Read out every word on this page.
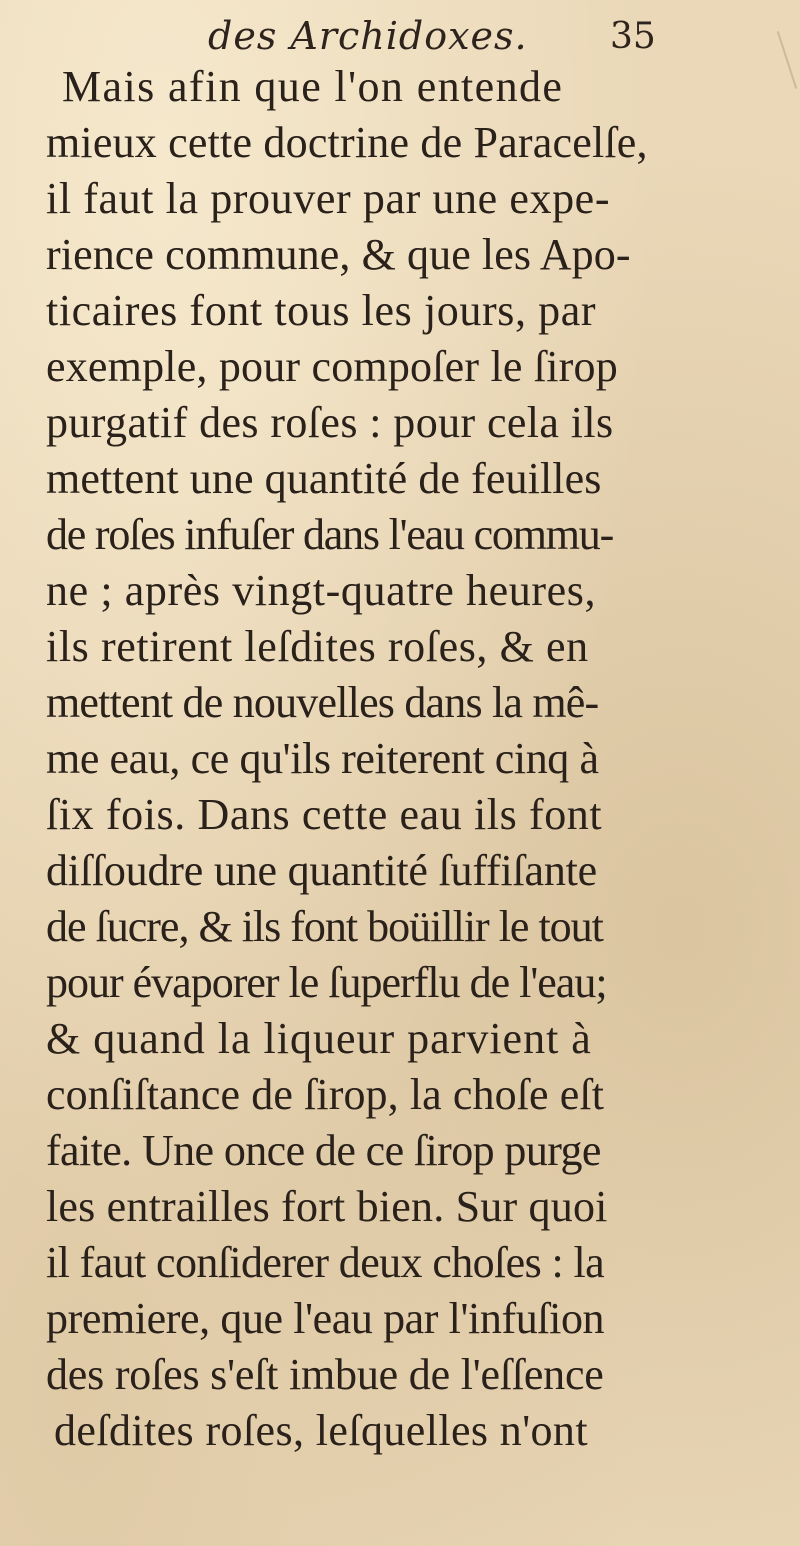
des Archidoxes. 35
Mais afin que l'on entende
mieux cette doctrine de Paracelſe,
il faut la prouver par une expe-
rience commune, & que les Apo-
ticaires font tous les jours, par
exemple, pour compoſer le ſirop
purgatif des roſes : pour cela ils
mettent une quantité de feuilles
de roſes infuſer dans l'eau commu-
ne ; après vingt-quatre heures,
ils retirent leſdites roſes, & en
mettent de nouvelles dans la mê-
me eau, ce qu'ils reiterent cinq à
ſix fois. Dans cette eau ils font
diſſoudre une quantité ſuffiſante
de ſucre, & ils font boüillir le tout
pour évaporer le ſuperflu de l'eau;
& quand la liqueur parvient à
conſiſtance de ſirop, la choſe eſt
faite. Une once de ce ſirop purge
les entrailles fort bien. Sur quoi
il faut conſiderer deux choſes : la
premiere, que l'eau par l'infuſion
des roſes s'eſt imbue de l'eſſence
deſdites roſes, leſquelles n'ont
